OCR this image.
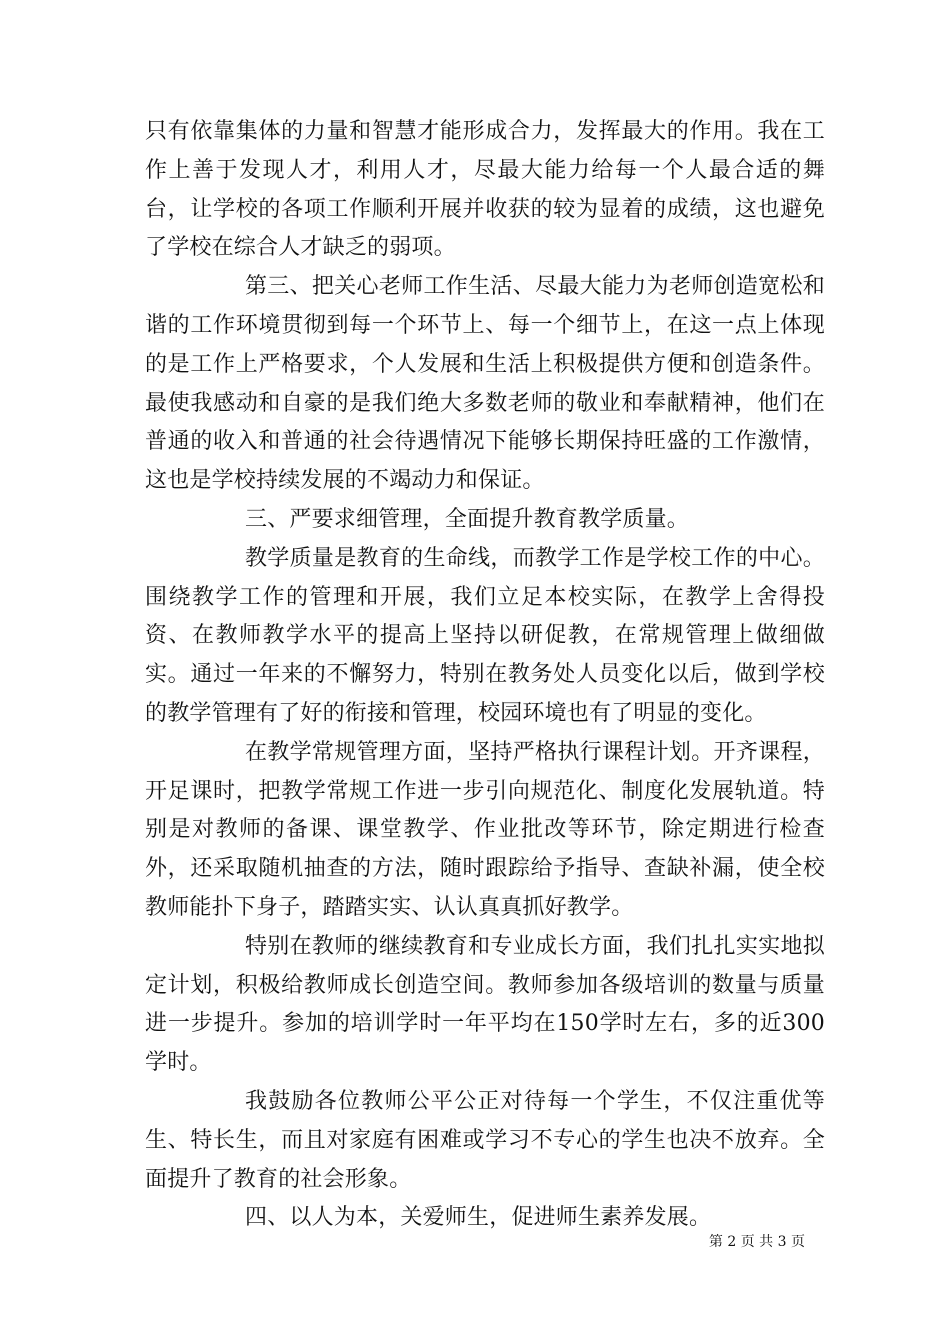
只有依靠集体的力量和智慧才能形成合力，发挥最大的作用。我在工作上善于发现人才，利用人才，尽最大能力给每一个人最合适的舞台，让学校的各项工作顺利开展并收获的较为显着的成绩，这也避免了学校在综合人才缺乏的弱项。

第三、把关心老师工作生活、尽最大能力为老师创造宽松和谐的工作环境贯彻到每一个环节上、每一个细节上，在这一点上体现的是工作上严格要求，个人发展和生活上积极提供方便和创造条件。最使我感动和自豪的是我们绝大多数老师的敬业和奉献精神，他们在普通的收入和普通的社会待遇情况下能够长期保持旺盛的工作激情，这也是学校持续发展的不竭动力和保证。

三、严要求细管理，全面提升教育教学质量。

教学质量是教育的生命线，而教学工作是学校工作的中心。围绕教学工作的管理和开展，我们立足本校实际，在教学上舍得投资、在教师教学水平的提高上坚持以研促教，在常规管理上做细做实。通过一年来的不懈努力，特别在教务处人员变化以后，做到学校的教学管理有了好的衔接和管理，校园环境也有了明显的变化。

在教学常规管理方面，坚持严格执行课程计划。开齐课程，开足课时，把教学常规工作进一步引向规范化、制度化发展轨道。特别是对教师的备课、课堂教学、作业批改等环节，除定期进行检查外，还采取随机抽查的方法，随时跟踪给予指导、查缺补漏，使全校教师能扑下身子，踏踏实实、认认真真抓好教学。

特别在教师的继续教育和专业成长方面，我们扎扎实实地拟定计划，积极给教师成长创造空间。教师参加各级培训的数量与质量进一步提升。参加的培训学时一年平均在150学时左右，多的近300学时。

我鼓励各位教师公平公正对待每一个学生，不仅注重优等生、特长生，而且对家庭有困难或学习不专心的学生也决不放弃。全面提升了教育的社会形象。

四、以人为本，关爱师生，促进师生素养发展。

第 2 页 共 3 页
